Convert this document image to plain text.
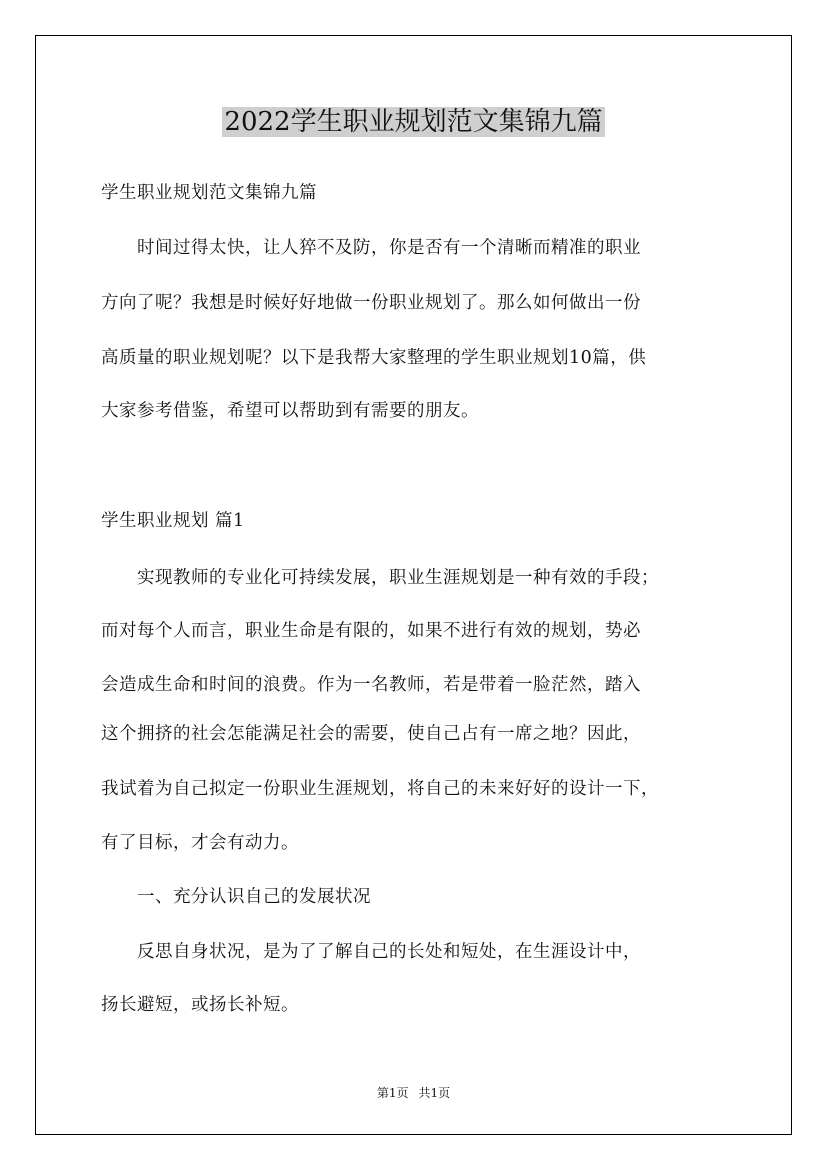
2022学生职业规划范文集锦九篇
学生职业规划范文集锦九篇
　　时间过得太快，让人猝不及防，你是否有一个清晰而精准的职业
方向了呢？我想是时候好好地做一份职业规划了。那么如何做出一份
高质量的职业规划呢？以下是我帮大家整理的学生职业规划10篇，供
大家参考借鉴，希望可以帮助到有需要的朋友。
学生职业规划 篇1
　　实现教师的专业化可持续发展，职业生涯规划是一种有效的手段；
而对每个人而言，职业生命是有限的，如果不进行有效的规划，势必
会造成生命和时间的浪费。作为一名教师，若是带着一脸茫然，踏入
这个拥挤的社会怎能满足社会的需要，使自己占有一席之地？因此，
我试着为自己拟定一份职业生涯规划，将自己的未来好好的设计一下，
有了目标，才会有动力。
　　一、充分认识自己的发展状况
　　反思自身状况，是为了了解自己的长处和短处，在生涯设计中，
扬长避短，或扬长补短。
第1页 共1页
